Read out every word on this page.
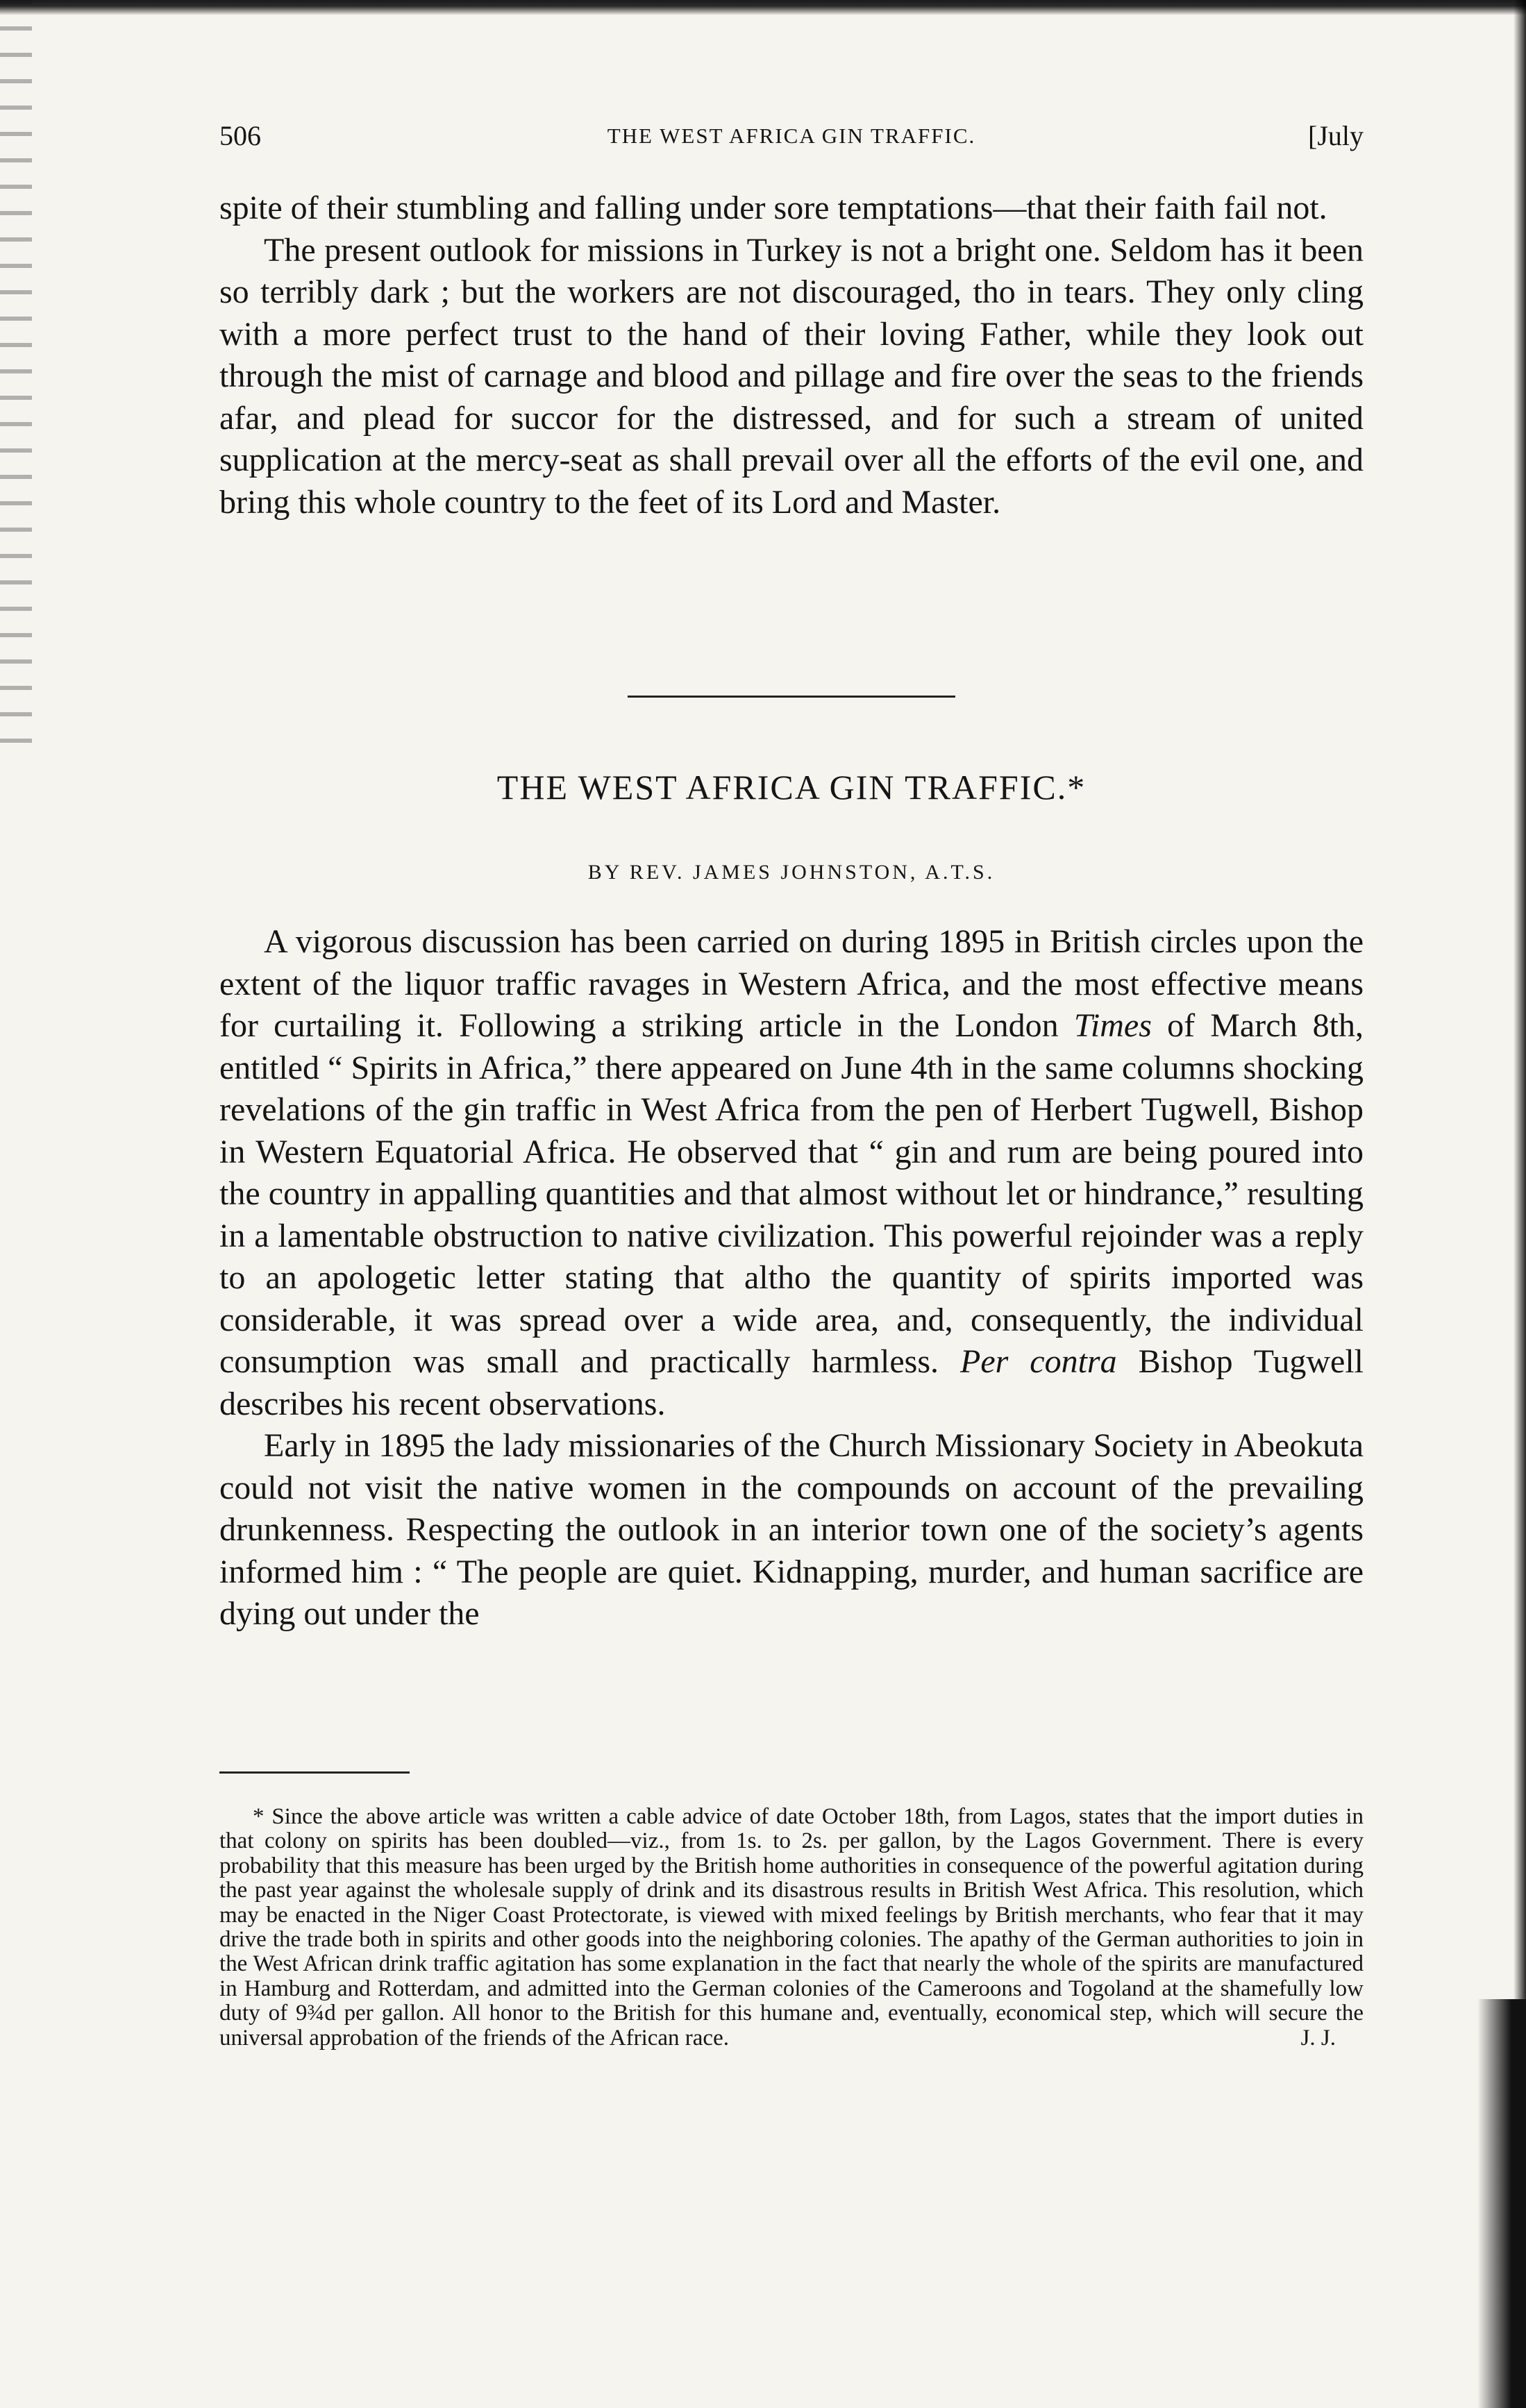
506	THE WEST AFRICA GIN TRAFFIC.	[July

spite of their stumbling and falling under sore temptations—that their faith fail not.

The present outlook for missions in Turkey is not a bright one. Seldom has it been so terribly dark ; but the workers are not discouraged, tho in tears. They only cling with a more perfect trust to the hand of their loving Father, while they look out through the mist of carnage and blood and pillage and fire over the seas to the friends afar, and plead for succor for the distressed, and for such a stream of united supplication at the mercy-seat as shall prevail over all the efforts of the evil one, and bring this whole country to the feet of its Lord and Master.

THE WEST AFRICA GIN TRAFFIC.*
BY REV. JAMES JOHNSTON, A.T.S.

A vigorous discussion has been carried on during 1895 in British circles upon the extent of the liquor traffic ravages in Western Africa, and the most effective means for curtailing it. Following a striking article in the London Times of March 8th, entitled “ Spirits in Africa,” there appeared on June 4th in the same columns shocking revelations of the gin traffic in West Africa from the pen of Herbert Tugwell, Bishop in Western Equatorial Africa. He observed that “ gin and rum are being poured into the country in appalling quantities and that almost without let or hindrance,” resulting in a lamentable obstruction to native civilization. This powerful rejoinder was a reply to an apologetic letter stating that altho the quantity of spirits imported was considerable, it was spread over a wide area, and, consequently, the individual consumption was small and practically harmless. Per contra Bishop Tugwell describes his recent observations.

Early in 1895 the lady missionaries of the Church Missionary Society in Abeokuta could not visit the native women in the compounds on account of the prevailing drunkenness. Respecting the outlook in an interior town one of the society’s agents informed him : “ The people are quiet. Kidnapping, murder, and human sacrifice are dying out under the

* Since the above article was written a cable advice of date October 18th, from Lagos, states that the import duties in that colony on spirits has been doubled—viz., from 1s. to 2s. per gallon, by the Lagos Government. There is every probability that this measure has been urged by the British home authorities in consequence of the powerful agitation during the past year against the wholesale supply of drink and its disastrous results in British West Africa. This resolution, which may be enacted in the Niger Coast Protectorate, is viewed with mixed feelings by British merchants, who fear that it may drive the trade both in spirits and other goods into the neighboring colonies. The apathy of the German authorities to join in the West African drink traffic agitation has some explanation in the fact that nearly the whole of the spirits are manufactured in Hamburg and Rotterdam, and admitted into the German colonies of the Cameroons and Togoland at the shamefully low duty of 9¾d per gallon. All honor to the British for this humane and, eventually, economical step, which will secure the universal approbation of the friends of the African race.	J. J.
